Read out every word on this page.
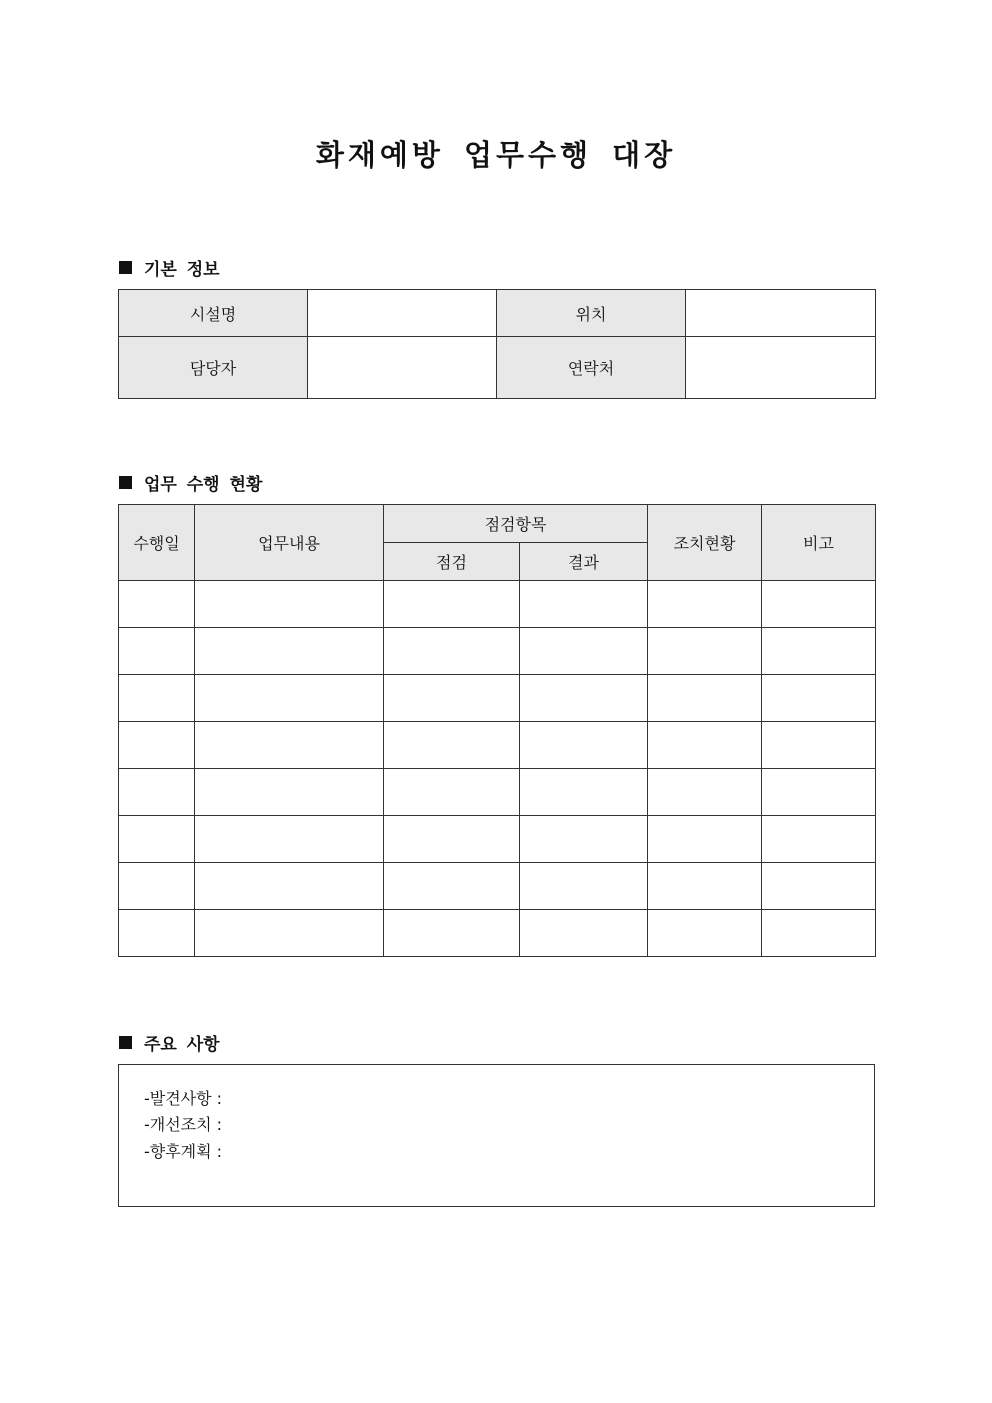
화재예방 업무수행 대장
기본 정보
시설명		위치	
담당자		연락처	
업무 수행 현황
수행일	업무내용	점검항목		조치현황	비고
		점검	결과		

주요 사항
-발견사항 :
-개선조치 :
-향후계획 :
